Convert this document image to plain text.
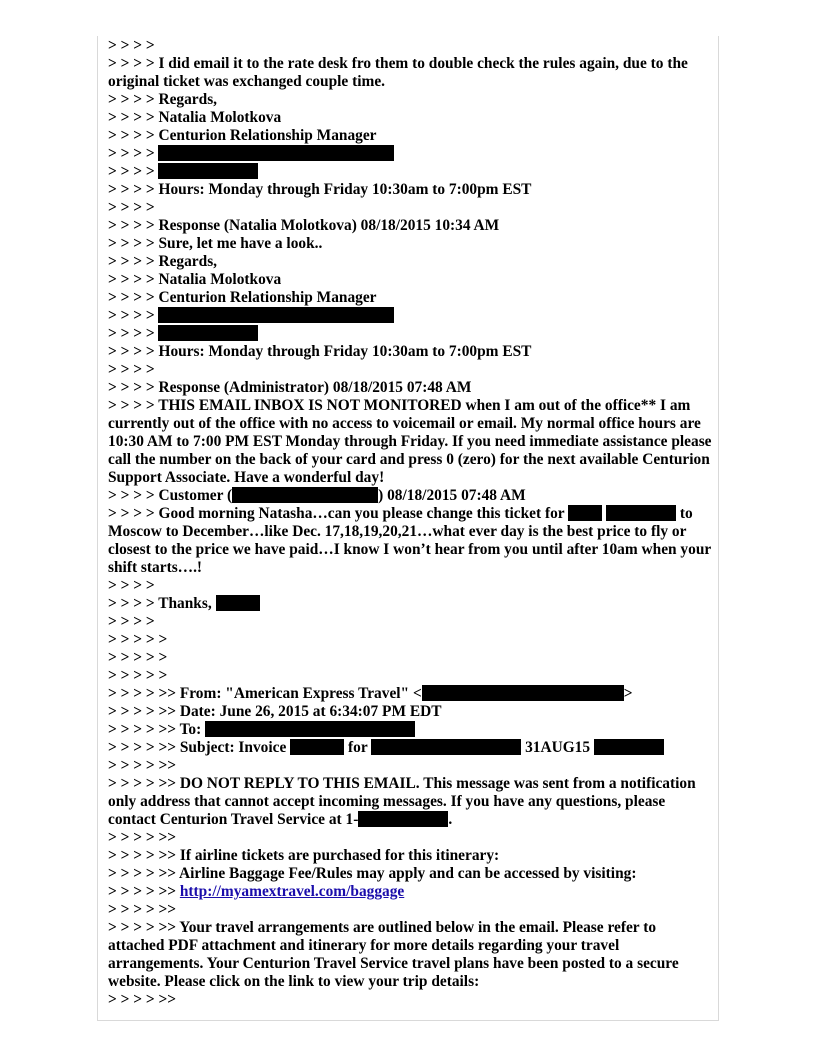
> > > >
> > > > I did email it to the rate desk fro them to double check the rules again, due to the original ticket was exchanged couple time.
> > > > Regards,
> > > > Natalia Molotkova
> > > > Centurion Relationship Manager
> > > >
> > > >
> > > > Hours: Monday through Friday 10:30am to 7:00pm EST
> > > >
> > > > Response (Natalia Molotkova) 08/18/2015 10:34 AM
> > > > Sure, let me have a look..
> > > > Regards,
> > > > Natalia Molotkova
> > > > Centurion Relationship Manager
> > > >
> > > >
> > > > Hours: Monday through Friday 10:30am to 7:00pm EST
> > > >
> > > > Response (Administrator) 08/18/2015 07:48 AM
> > > > THIS EMAIL INBOX IS NOT MONITORED when I am out of the office** I am currently out of the office with no access to voicemail or email. My normal office hours are 10:30 AM to 7:00 PM EST Monday through Friday. If you need immediate assistance please call the number on the back of your card and press 0 (zero) for the next available Centurion Support Associate. Have a wonderful day!
> > > > Customer (	) 08/18/2015 07:48 AM
> > > > Good morning Natasha…can you please change this ticket for	to Moscow to December…like Dec. 17,18,19,20,21…what ever day is the best price to fly or closest to the price we have paid…I know I won’t hear from you until after 10am when your shift starts….!
> > > >
> > > > Thanks,
> > > >
> > > > >
> > > > >
> > > > >
> > > > >> From: "American Express Travel" <	>
> > > > >> Date: June 26, 2015 at 6:34:07 PM EDT
> > > > >> To:
> > > > >> Subject: Invoice	for	31AUG15
> > > > >>
> > > > >> DO NOT REPLY TO THIS EMAIL. This message was sent from a notification only address that cannot accept incoming messages. If you have any questions, please contact Centurion Travel Service at 1-	.
> > > > >>
> > > > >> If airline tickets are purchased for this itinerary:
> > > > >> Airline Baggage Fee/Rules may apply and can be accessed by visiting:
> > > > >> http://myamextravel.com/baggage
> > > > >>
> > > > >> Your travel arrangements are outlined below in the email. Please refer to attached PDF attachment and itinerary for more details regarding your travel arrangements. Your Centurion Travel Service travel plans have been posted to a secure website. Please click on the link to view your trip details:
> > > > >>
